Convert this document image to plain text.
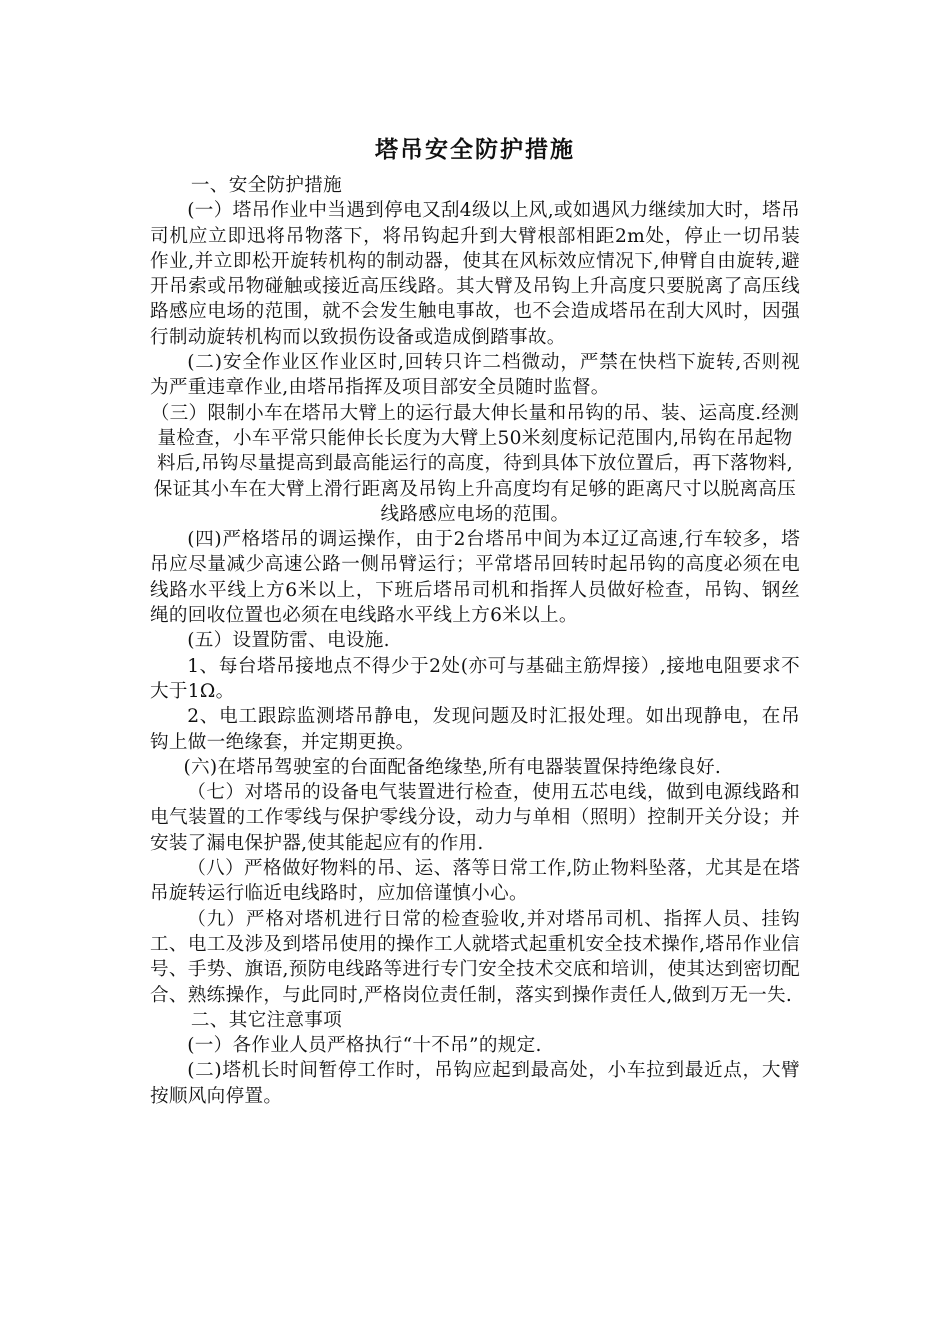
塔吊安全防护措施

一、安全防护措施

(一）塔吊作业中当遇到停电又刮4级以上风,或如遇风力继续加大时，塔吊司机应立即迅将吊物落下，将吊钩起升到大臂根部相距2m处，停止一切吊装作业,并立即松开旋转机构的制动器，使其在风标效应情况下,伸臂自由旋转,避开吊索或吊物碰触或接近高压线路。其大臂及吊钩上升高度只要脱离了高压线路感应电场的范围，就不会发生触电事故，也不会造成塔吊在刮大风时，因强行制动旋转机构而以致损伤设备或造成倒踏事故。

(二)安全作业区作业区时,回转只许二档微动，严禁在快档下旋转,否则视为严重违章作业,由塔吊指挥及项目部安全员随时监督。

（三）限制小车在塔吊大臂上的运行最大伸长量和吊钩的吊、装、运高度.经测量检查，小车平常只能伸长长度为大臂上50米刻度标记范围内,吊钩在吊起物料后,吊钩尽量提高到最高能运行的高度，待到具体下放位置后，再下落物料,保证其小车在大臂上滑行距离及吊钩上升高度均有足够的距离尺寸以脱离高压线路感应电场的范围。

(四)严格塔吊的调运操作，由于2台塔吊中间为本辽辽高速,行车较多，塔吊应尽量减少高速公路一侧吊臂运行；平常塔吊回转时起吊钩的高度必须在电线路水平线上方6米以上，下班后塔吊司机和指挥人员做好检查，吊钩、钢丝绳的回收位置也必须在电线路水平线上方6米以上。

(五）设置防雷、电设施.

1、每台塔吊接地点不得少于2处(亦可与基础主筋焊接）,接地电阻要求不大于1Ω。

2、电工跟踪监测塔吊静电，发现问题及时汇报处理。如出现静电，在吊钩上做一绝缘套，并定期更换。

(六)在塔吊驾驶室的台面配备绝缘垫,所有电器装置保持绝缘良好.

（七）对塔吊的设备电气装置进行检查，使用五芯电线，做到电源线路和电气装置的工作零线与保护零线分设，动力与单相（照明）控制开关分设；并安装了漏电保护器,使其能起应有的作用.

（八）严格做好物料的吊、运、落等日常工作,防止物料坠落，尤其是在塔吊旋转运行临近电线路时，应加倍谨慎小心。

（九）严格对塔机进行日常的检查验收,并对塔吊司机、指挥人员、挂钩工、电工及涉及到塔吊使用的操作工人就塔式起重机安全技术操作,塔吊作业信号、手势、旗语,预防电线路等进行专门安全技术交底和培训，使其达到密切配合、熟练操作，与此同时,严格岗位责任制，落实到操作责任人,做到万无一失.

二、其它注意事项

(一）各作业人员严格执行“十不吊”的规定.

(二)塔机长时间暂停工作时，吊钩应起到最高处，小车拉到最近点，大臂按顺风向停置。
